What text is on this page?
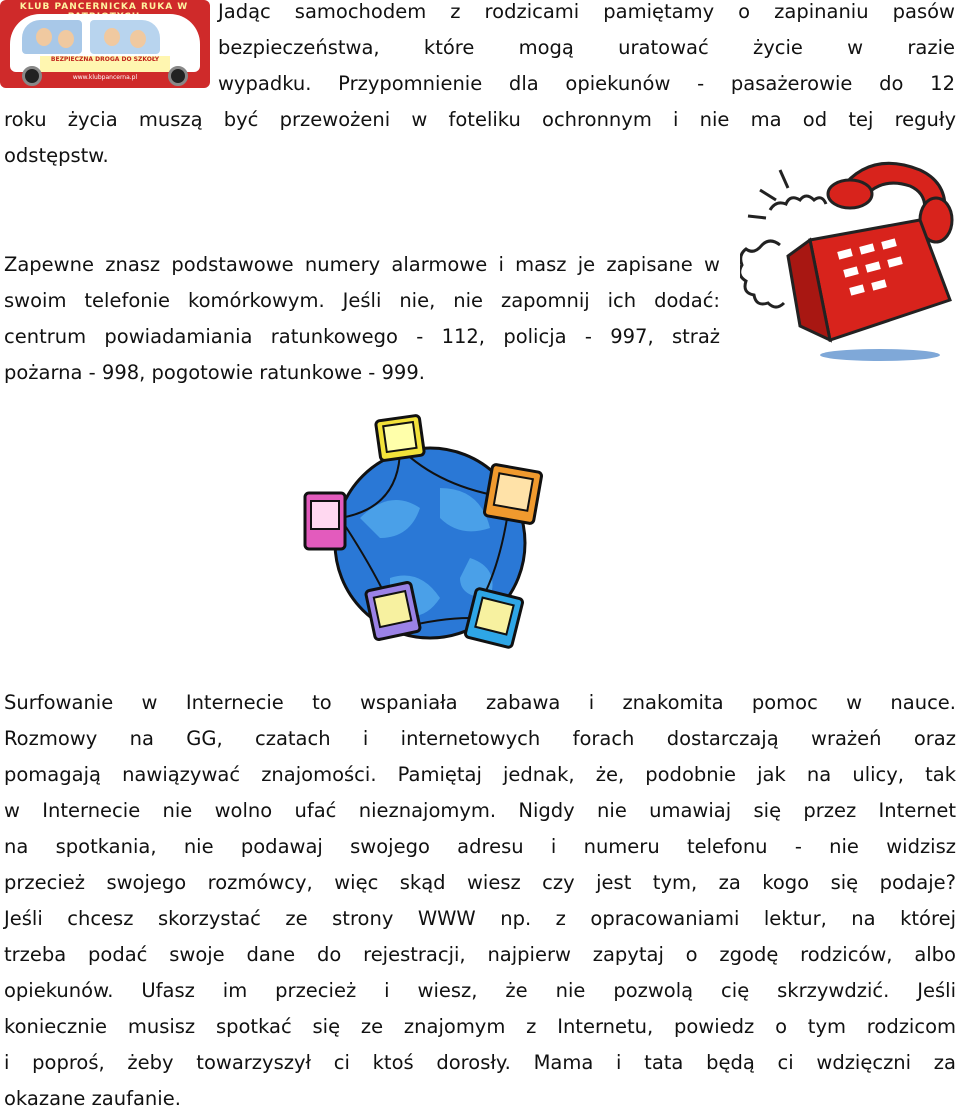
KLUB PANCERNICKA RUKA W
BEZPIECZNA DROGA DO SZKOŁY
www.klubpancerna.pl
Jadąc samochodem z rodzicami pamiętamy o zapinaniu pasów
bezpieczeństwa, które mogą uratować życie w razie
wypadku. Przypomnienie dla opiekunów - pasażerowie do 12
roku życia muszą być przewożeni w foteliku ochronnym i nie ma od tej reguły
odstępstw.
Zapewne znasz podstawowe numery alarmowe i masz je zapisane w
swoim telefonie komórkowym. Jeśli nie, nie zapomnij ich dodać:
centrum powiadamiania ratunkowego - 112, policja - 997, straż
pożarna - 998, pogotowie ratunkowe - 999.
Surfowanie w Internecie to wspaniała zabawa i znakomita pomoc w nauce.
Rozmowy na GG, czatach i internetowych forach dostarczają wrażeń oraz
pomagają nawiązywać znajomości. Pamiętaj jednak, że, podobnie jak na ulicy, tak
w Internecie nie wolno ufać nieznajomym. Nigdy nie umawiaj się przez Internet
na spotkania, nie podawaj swojego adresu i numeru telefonu - nie widzisz
przecież swojego rozmówcy, więc skąd wiesz czy jest tym, za kogo się podaje?
Jeśli chcesz skorzystać ze strony WWW np. z opracowaniami lektur, na której
trzeba podać swoje dane do rejestracji, najpierw zapytaj o zgodę rodziców, albo
opiekunów. Ufasz im przecież i wiesz, że nie pozwolą cię skrzywdzić. Jeśli
koniecznie musisz spotkać się ze znajomym z Internetu, powiedz o tym rodzicom
i poproś, żeby towarzyszył ci ktoś dorosły. Mama i tata będą ci wdzięczni za
okazane zaufanie.
